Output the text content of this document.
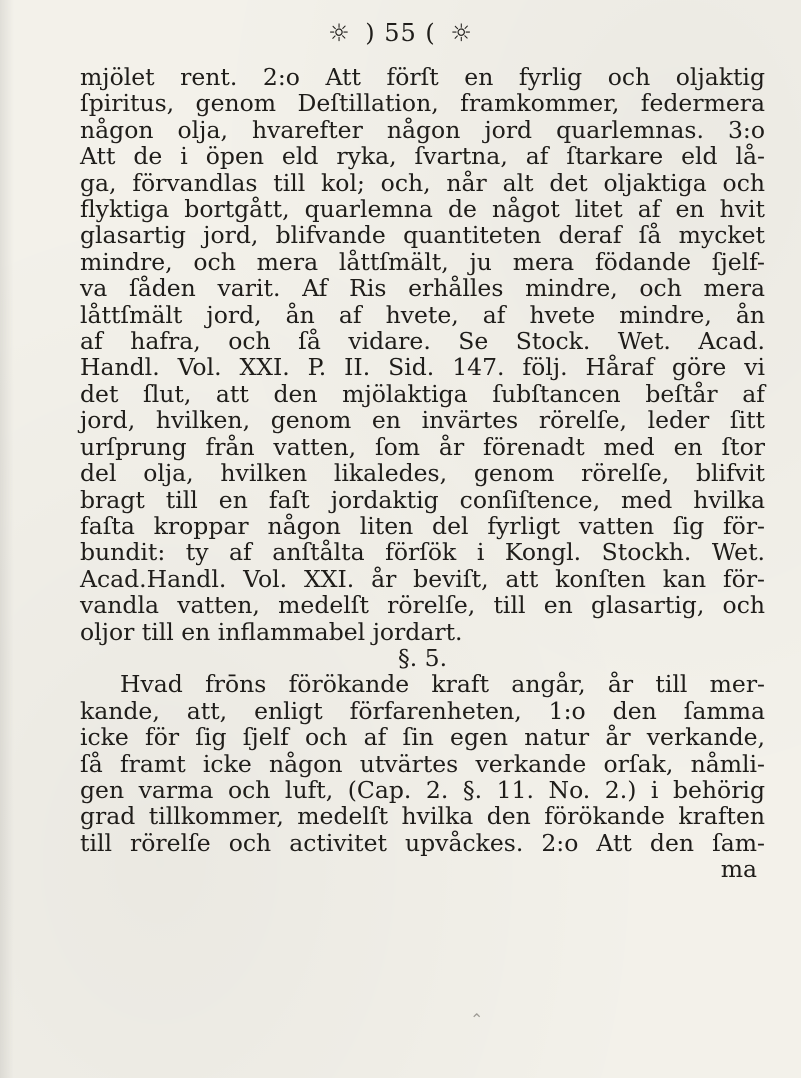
☼ ) 55 ( ☼
mjölet rent. 2:o Att förſt en fyrlig och oljaktig
ſpiritus, genom Deſtillation, framkommer, federmera
någon olja, hvarefter någon jord quarlemnas. 3:o
Att de i öpen eld ryka, ſvartna, af ſtarkare eld lå-
ga, förvandlas till kol; och, når alt det oljaktiga och
flyktiga bortgått, quarlemna de något litet af en hvit
glasartig jord, blifvande quantiteten deraf ſå mycket
mindre, och mera låttſmält, ju mera födande ſjelf-
va ſåden varit. Af Ris erhålles mindre, och mera
låttſmält jord, ån af hvete, af hvete mindre, ån
af hafra, och ſå vidare. Se Stock. Wet. Acad.
Handl. Vol. XXI. P. II. Sid. 147. följ. Håraf göre vi
det ſlut, att den mjölaktiga ſubſtancen beſtår af
jord, hvilken, genom en invärtes rörelſe, leder ſitt
urſprung från vatten, ſom år förenadt med en ſtor
del olja, hvilken likaledes, genom rörelſe, blifvit
bragt till en faſt jordaktig conſiſtence, med hvilka
faſta kroppar någon liten del fyrligt vatten ſig för-
bundit: ty af anſtålta förſök i Kongl. Stockh. Wet.
Acad.Handl. Vol. XXI. år beviſt, att konſten kan för-
vandla vatten, medelſt rörelſe, till en glasartig, och
oljor till en inflammabel jordart.
§. 5.
Hvad frōns förökande kraft angår, år till mer-
kande, att, enligt förfarenheten, 1:o den ſamma
icke för ſig ſjelf och af ſin egen natur år verkande,
ſå framt icke någon utvärtes verkande orſak, nåmli-
gen varma och luft, (Cap. 2. §. 11. No. 2.) i behörig
grad tillkommer, medelſt hvilka den förökande kraften
till rörelſe och activitet upvåckes. 2:o Att den ſam-
ma
⌃
